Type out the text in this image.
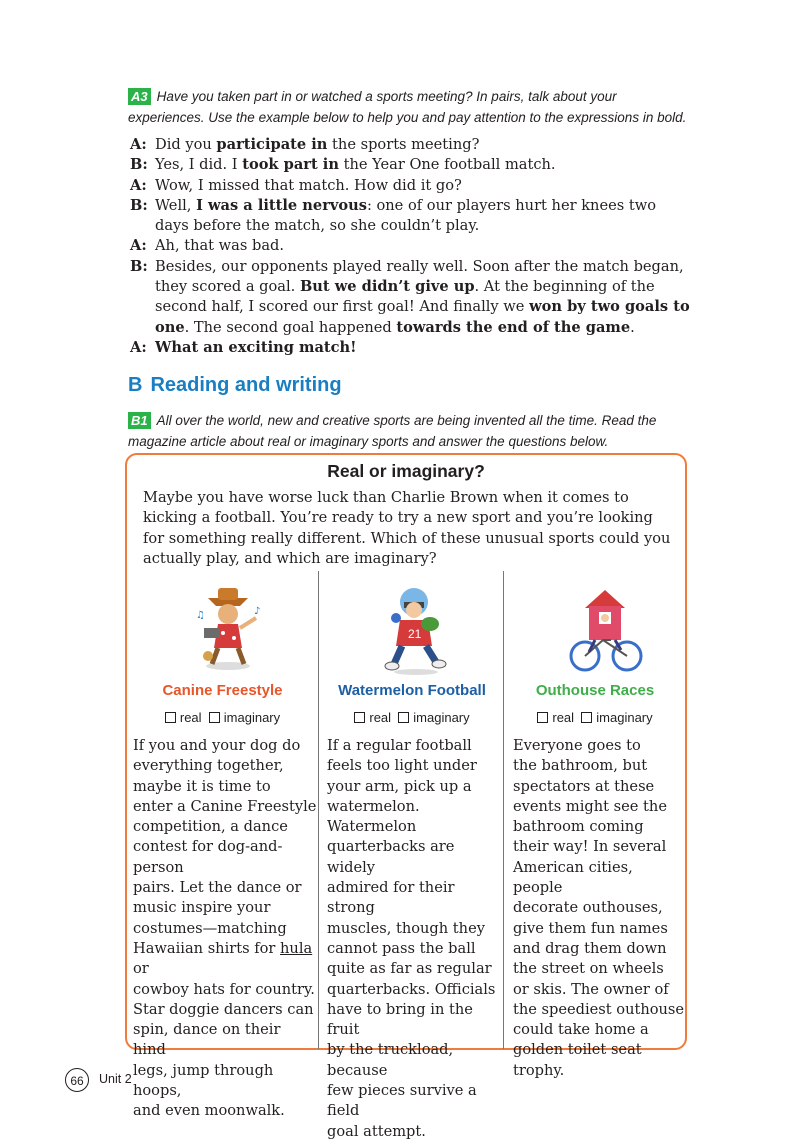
A3 Have you taken part in or watched a sports meeting? In pairs, talk about your
experiences. Use the example below to help you and pay attention to the expressions in bold.
A: Did you participate in the sports meeting?
B: Yes, I did. I took part in the Year One football match.
A: Wow, I missed that match. How did it go?
B: Well, I was a little nervous: one of our players hurt her knees two days before the match, so she couldn’t play.
A: Ah, that was bad.
B: Besides, our opponents played really well. Soon after the match began, they scored a goal. But we didn’t give up. At the beginning of the second half, I scored our first goal! And finally we won by two goals to one. The second goal happened towards the end of the game.
A: What an exciting match!
B Reading and writing
B1 All over the world, new and creative sports are being invented all the time. Read the
magazine article about real or imaginary sports and answer the questions below.
Real or imaginary?
Maybe you have worse luck than Charlie Brown when it comes to kicking a football. You’re ready to try a new sport and you’re looking for something really different. Which of these unusual sports could you actually play, and which are imaginary?
♪
♫
21
Canine Freestyle	Watermelon Football	Outhouse Races
real imaginary	real imaginary	real imaginary
If you and your dog do
everything together,
maybe it is time to
enter a Canine Freestyle
competition, a dance
contest for dog-and-person
pairs. Let the dance or
music inspire your
costumes—matching
Hawaiian shirts for hula or
cowboy hats for country.
Star doggie dancers can
spin, dance on their hind
legs, jump through hoops,
and even moonwalk.
If a regular football
feels too light under
your arm, pick up a
watermelon. Watermelon
quarterbacks are widely
admired for their strong
muscles, though they
cannot pass the ball
quite as far as regular
quarterbacks. Officials
have to bring in the fruit
by the truckload, because
few pieces survive a field
goal attempt.
Everyone goes to
the bathroom, but
spectators at these
events might see the
bathroom coming
their way! In several
American cities, people
decorate outhouses,
give them fun names
and drag them down
the street on wheels
or skis. The owner of
the speediest outhouse
could take home a
golden toilet seat trophy.
66	Unit 2
